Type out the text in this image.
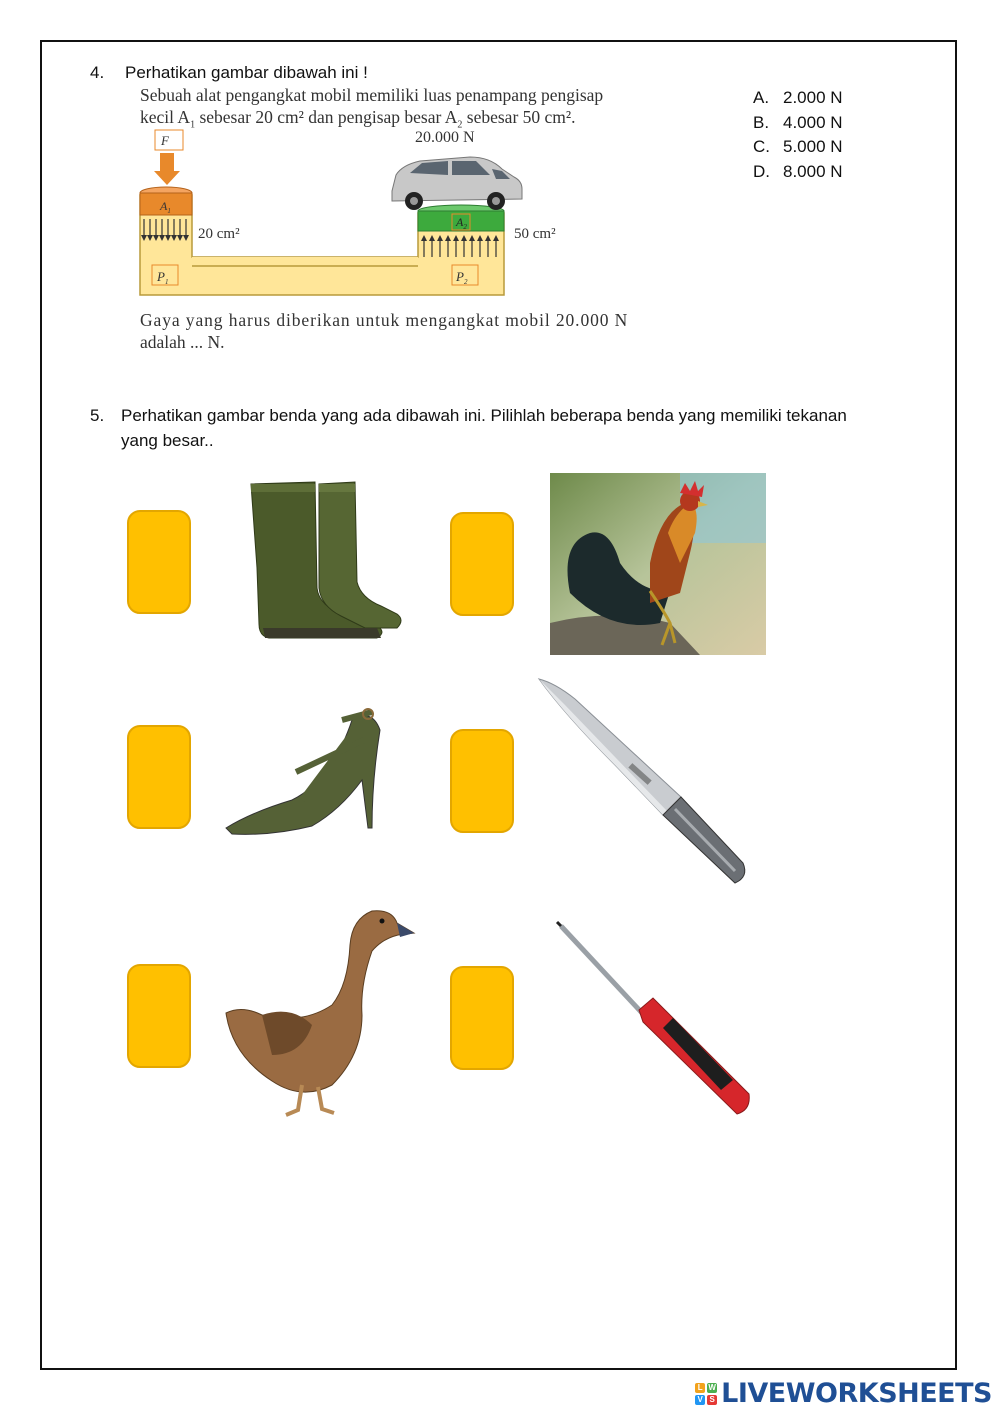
4. Perhatikan gambar dibawah ini !
Sebuah alat pengangkat mobil memiliki luas penampang pengisap
kecil $A_1$ sebesar 20 cm² dan pengisap besar $A_2$ sebesar 50 cm².
$A_1$
F
20 cm²	50 cm²
$A_2$
20.000 N
$P_1$	$P_2$
Gaya yang harus diberikan untuk mengangkat mobil 20.000 N
adalah ... N.
A. 2.000 N
B. 4.000 N
C. 5.000 N
D. 8.000 N
5. Perhatikan gambar benda yang ada dibawah ini. Pilihlah beberapa benda yang memiliki tekanan
yang besar..
L W
V S LIVEWORKSHEETS
